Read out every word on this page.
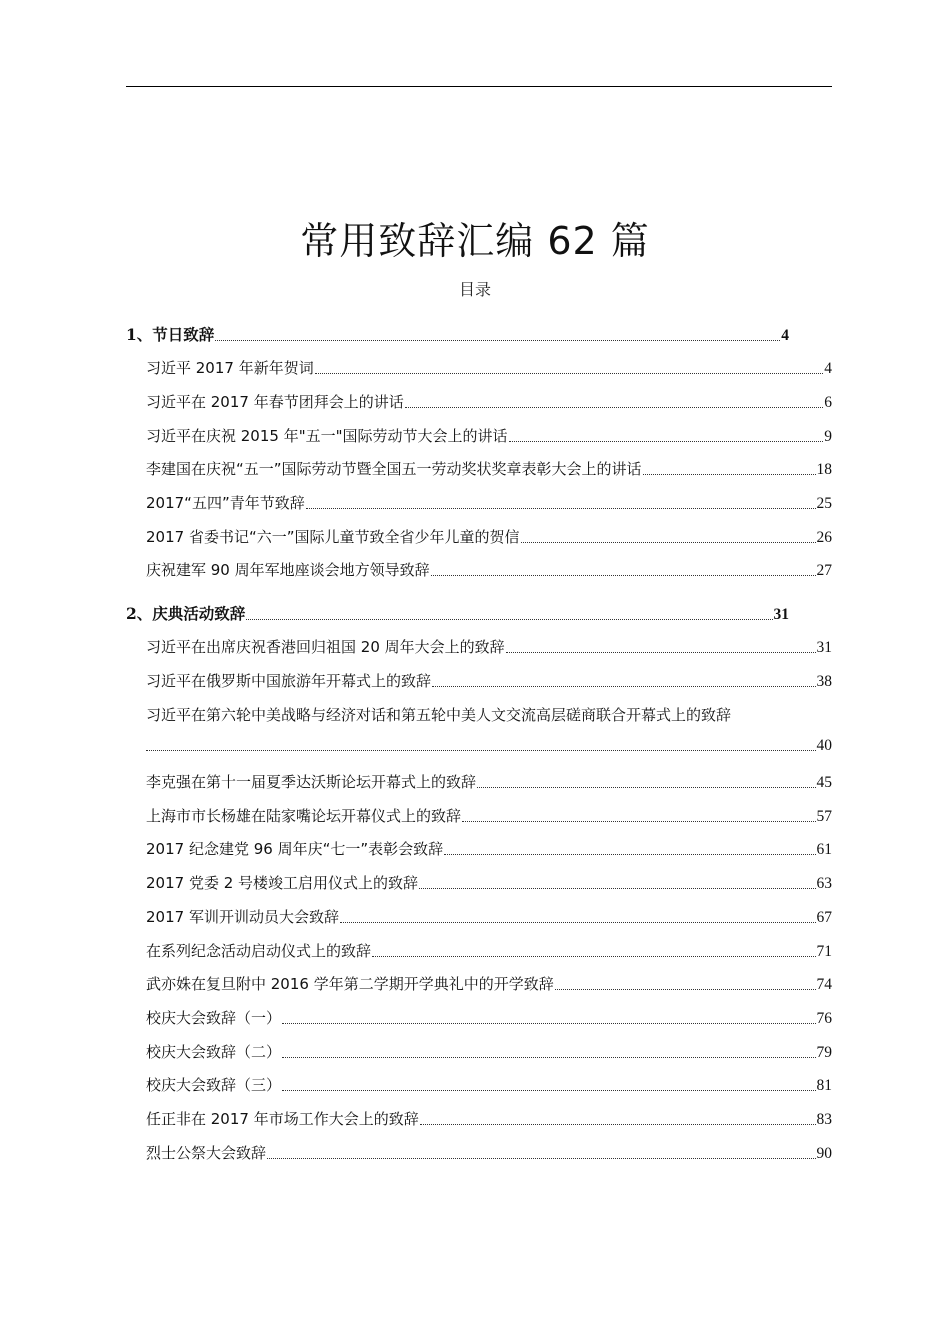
常用致辞汇编 62 篇
目录
1、节日致辞	4
习近平 2017 年新年贺词	4
习近平在 2017 年春节团拜会上的讲话	6
习近平在庆祝 2015 年"五一"国际劳动节大会上的讲话	9
李建国在庆祝“五一”国际劳动节暨全国五一劳动奖状奖章表彰大会上的讲话	18
2017“五四”青年节致辞	25
2017 省委书记“六一”国际儿童节致全省少年儿童的贺信	26
庆祝建军 90 周年军地座谈会地方领导致辞	27
2、庆典活动致辞	31
习近平在出席庆祝香港回归祖国 20 周年大会上的致辞	31
习近平在俄罗斯中国旅游年开幕式上的致辞	38
习近平在第六轮中美战略与经济对话和第五轮中美人文交流高层磋商联合开幕式上的致辞
40
李克强在第十一届夏季达沃斯论坛开幕式上的致辞	45
上海市市长杨雄在陆家嘴论坛开幕仪式上的致辞	57
2017 纪念建党 96 周年庆“七一”表彰会致辞	61
2017 党委 2 号楼竣工启用仪式上的致辞	63
2017 军训开训动员大会致辞	67
在系列纪念活动启动仪式上的致辞	71
武亦姝在复旦附中 2016 学年第二学期开学典礼中的开学致辞	74
校庆大会致辞（一）	76
校庆大会致辞（二）	79
校庆大会致辞（三）	81
任正非在 2017 年市场工作大会上的致辞	83
烈士公祭大会致辞	90
